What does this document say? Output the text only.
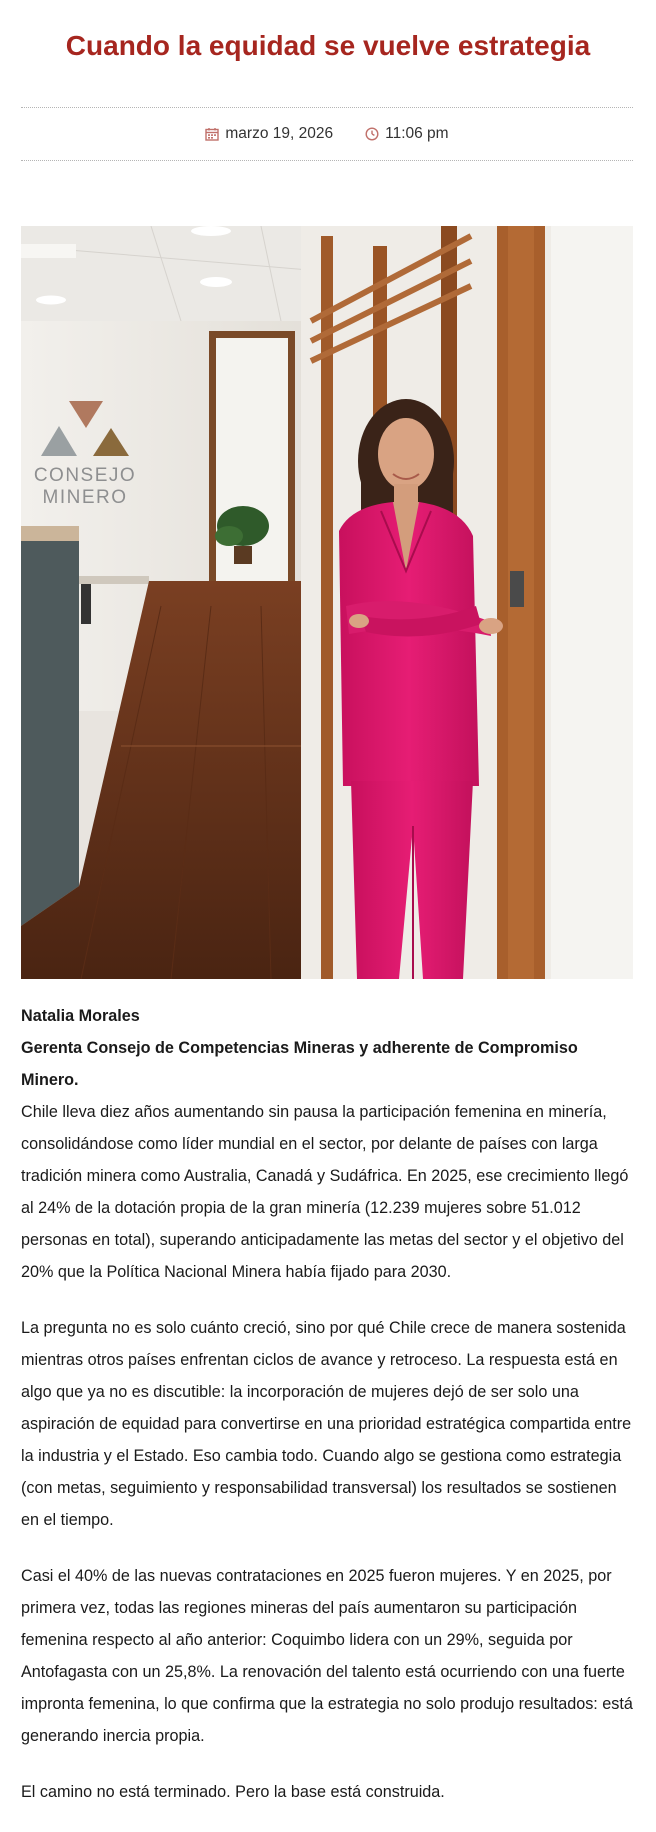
Cuando la equidad se vuelve estrategia
marzo 19, 2026	11:06 pm
CONSEJO
MINERO

Natalia Morales

Gerenta Consejo de Competencias Mineras y adherente de Compromiso Minero.

Chile lleva diez años aumentando sin pausa la participación femenina en minería, consolidándose como líder mundial en el sector, por delante de países con larga tradición minera como Australia, Canadá y Sudáfrica. En 2025, ese crecimiento llegó al 24% de la dotación propia de la gran minería (12.239 mujeres sobre 51.012 personas en total), superando anticipadamente las metas del sector y el objetivo del 20% que la Política Nacional Minera había fijado para 2030.

La pregunta no es solo cuánto creció, sino por qué Chile crece de manera sostenida mientras otros países enfrentan ciclos de avance y retroceso. La respuesta está en algo que ya no es discutible: la incorporación de mujeres dejó de ser solo una aspiración de equidad para convertirse en una prioridad estratégica compartida entre la industria y el Estado. Eso cambia todo. Cuando algo se gestiona como estrategia (con metas, seguimiento y responsabilidad transversal) los resultados se sostienen en el tiempo.

Casi el 40% de las nuevas contrataciones en 2025 fueron mujeres. Y en 2025, por primera vez, todas las regiones mineras del país aumentaron su participación femenina respecto al año anterior: Coquimbo lidera con un 29%, seguida por Antofagasta con un 25,8%. La renovación del talento está ocurriendo con una fuerte impronta femenina, lo que confirma que la estrategia no solo produjo resultados: está generando inercia propia.

El camino no está terminado. Pero la base está construida.
